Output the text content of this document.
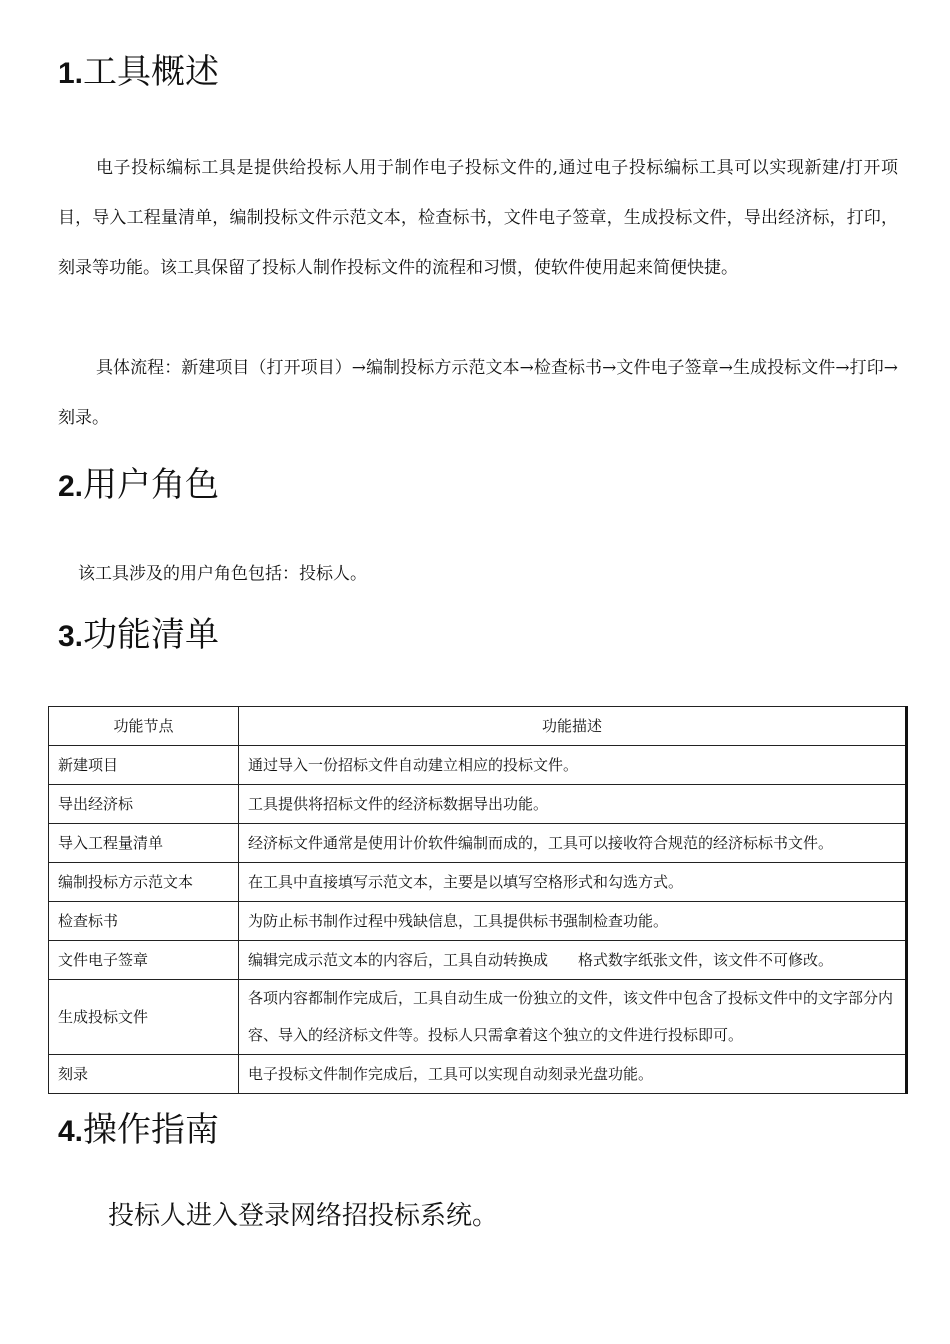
1.工具概述

电子投标编标工具是提供给投标人用于制作电子投标文件的,通过电子投标编标工具可以实现新建/打开项目，导入工程量清单，编制投标文件示范文本，检查标书，文件电子签章，生成投标文件，导出经济标，打印，刻录等功能。该工具保留了投标人制作投标文件的流程和习惯，使软件使用起来简便快捷。

具体流程：新建项目（打开项目）→编制投标方示范文本→检查标书→文件电子签章→生成投标文件→打印→刻录。

2.用户角色

该工具涉及的用户角色包括：投标人。

3.功能清单
功能节点	功能描述
新建项目	通过导入一份招标文件自动建立相应的投标文件。
导出经济标	工具提供将招标文件的经济标数据导出功能。
导入工程量清单	经济标文件通常是使用计价软件编制而成的，工具可以接收符合规范的经济标标书文件。
编制投标方示范文本	在工具中直接填写示范文本，主要是以填写空格形式和勾选方式。
检查标书	为防止标书制作过程中残缺信息，工具提供标书强制检查功能。
文件电子签章	编辑完成示范文本的内容后，工具自动转换成　　格式数字纸张文件，该文件不可修改。
生成投标文件	各项内容都制作完成后，工具自动生成一份独立的文件，该文件中包含了投标文件中的文字部分内容、导入的经济标文件等。投标人只需拿着这个独立的文件进行投标即可。
刻录	电子投标文件制作完成后，工具可以实现自动刻录光盘功能。
4.操作指南

投标人进入登录网络招投标系统。
